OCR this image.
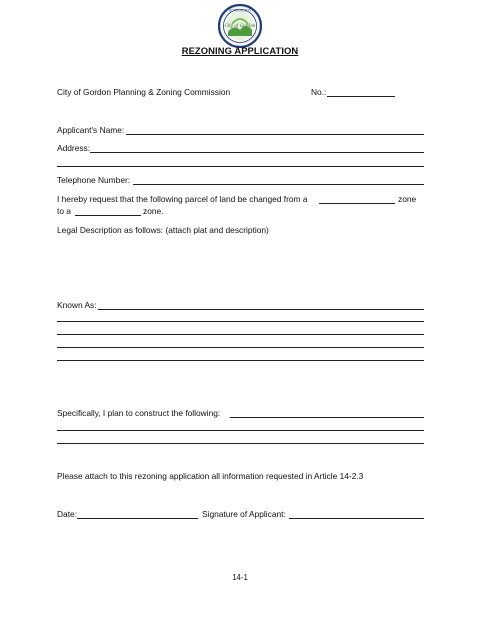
City of Gordon
GORDON CITY
REZONING APPLICATION
City of Gordon Planning & Zoning Commission	No.:
Applicant's Name:
Address:
Telephone Number:
I hereby request that the following parcel of land be changed from a	zone
to a	zone.
Legal Description as follows: (attach plat and description)
Known As:
Specifically, I plan to construct the following:
Please attach to this rezoning application all information requested in Article 14-2.3
Date:	Signature of Applicant:
14-1
